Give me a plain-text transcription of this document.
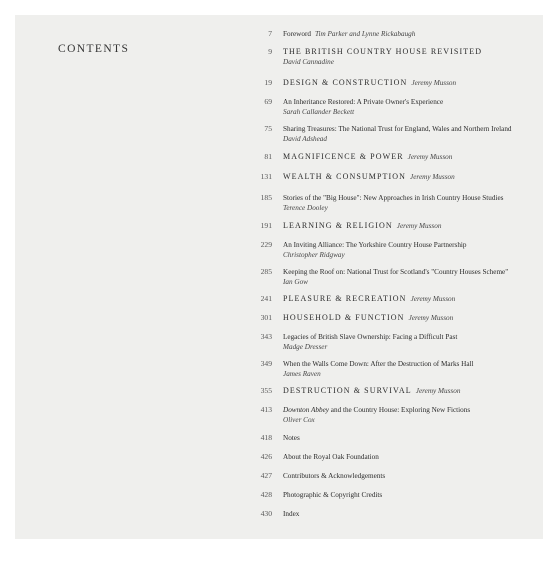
CONTENTS
7 Foreword Tim Parker and Lynne Rickabaugh
9 THE BRITISH COUNTRY HOUSE REVISITED
David Cannadine
19 DESIGN & CONSTRUCTION Jeremy Musson
69 An Inheritance Restored: A Private Owner's Experience
Sarah Callander Beckett
75 Sharing Treasures: The National Trust for England, Wales and Northern Ireland
David Adshead
81 MAGNIFICENCE & POWER Jeremy Musson
131 WEALTH & CONSUMPTION Jeremy Musson
185 Stories of the "Big House": New Approaches in Irish Country House Studies
Terence Dooley
191 LEARNING & RELIGION Jeremy Musson
229 An Inviting Alliance: The Yorkshire Country House Partnership
Christopher Ridgway
285 Keeping the Roof on: National Trust for Scotland's "Country Houses Scheme"
Ian Gow
241 PLEASURE & RECREATION Jeremy Musson
301 HOUSEHOLD & FUNCTION Jeremy Musson
343 Legacies of British Slave Ownership: Facing a Difficult Past
Madge Dresser
349 When the Walls Come Down: After the Destruction of Marks Hall
James Raven
355 DESTRUCTION & SURVIVAL Jeremy Musson
413 Downton Abbey and the Country House: Exploring New Fictions
Oliver Cox
418 Notes
426 About the Royal Oak Foundation
427 Contributors & Acknowledgements
428 Photographic & Copyright Credits
430 Index
